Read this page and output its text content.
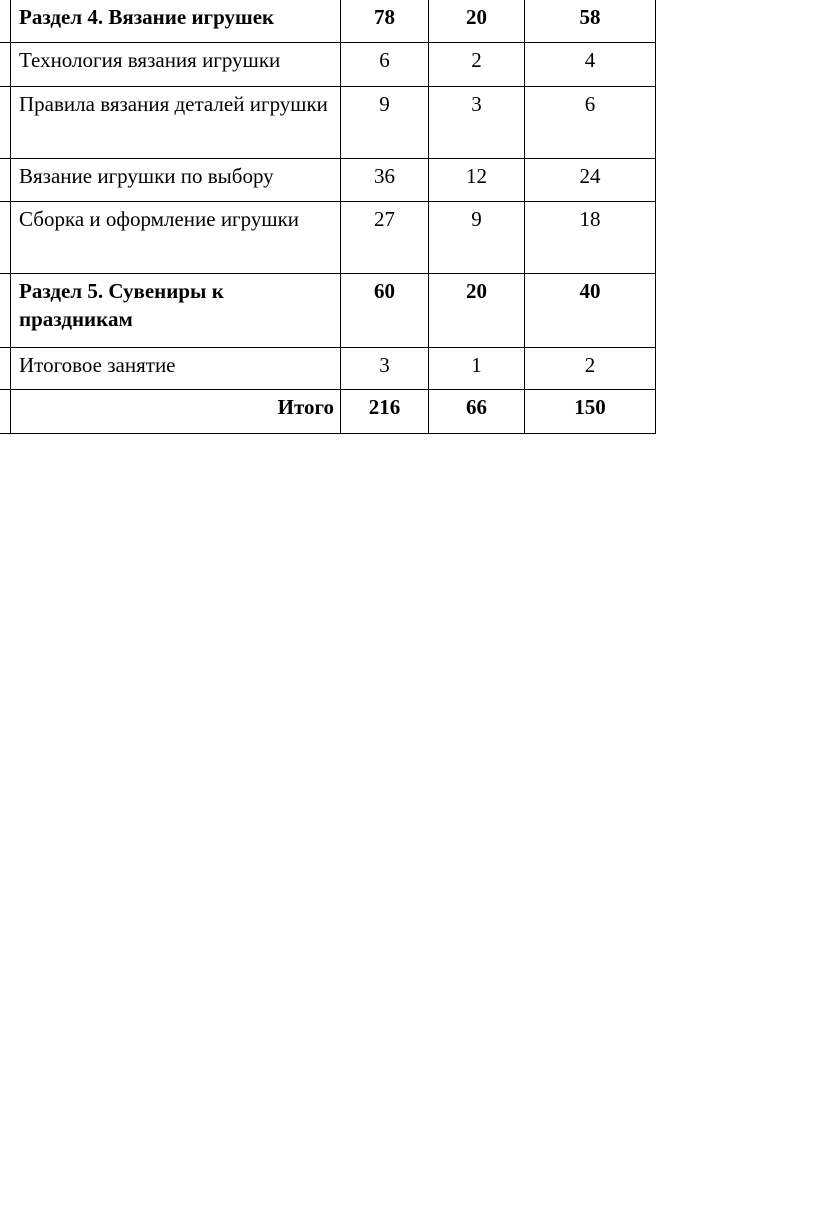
	Раздел 4. Вязание игрушек	78	20	58

	Технология вязания игрушки	6	2	4

	Правила вязания деталей игрушки	9	3	6

	Вязание игрушки по выбору	36	12	24

	Сборка и оформление игрушки	27	9	18

	Раздел 5. Сувениры к праздникам	60	20	40

	Итоговое занятие	3	1	2

	Итого	216	66	150
